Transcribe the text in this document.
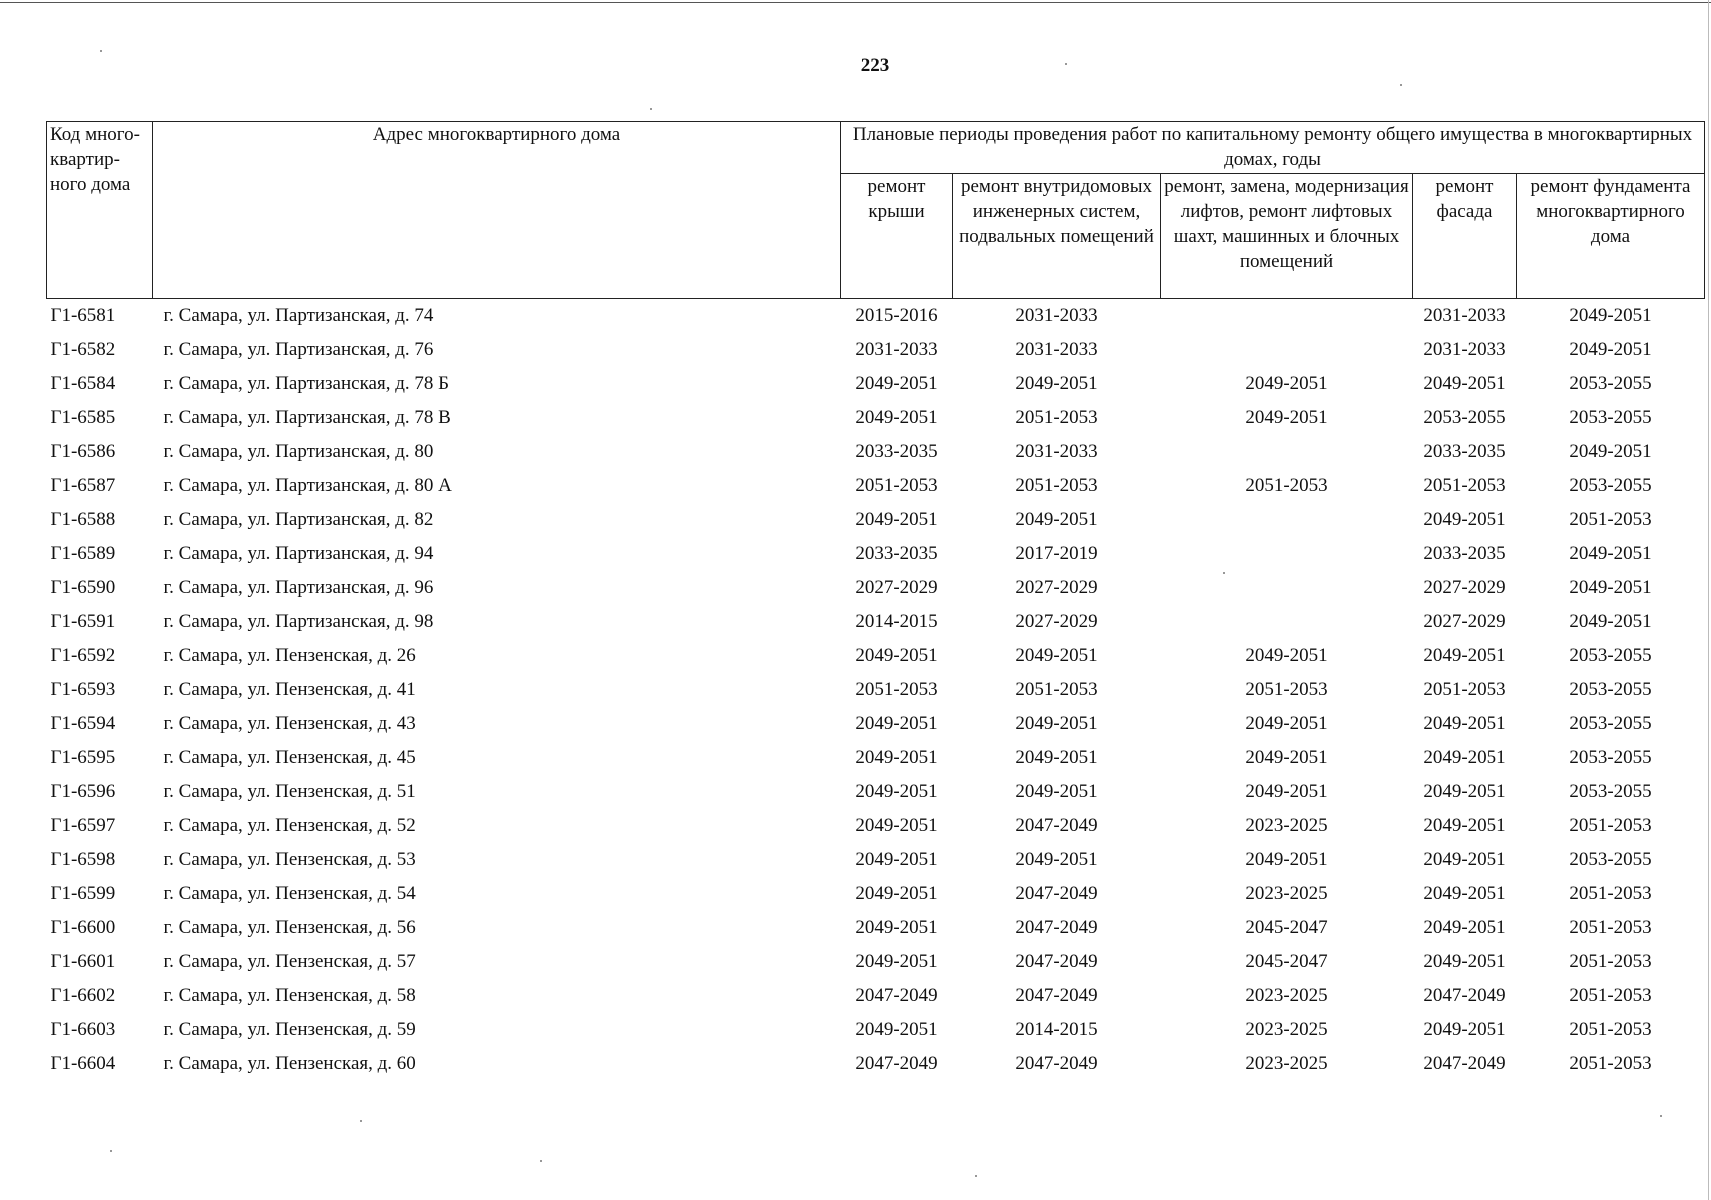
223
Код много-квартир-ного дома	Адрес многоквартирного дома	Плановые периоды проведения работ по капитальному ремонту общего имущества в многоквартирных домах, годы				
		ремонт крыши	ремонт внутридомовых инженерных систем, подвальных помещений	ремонт, замена, модернизация лифтов, ремонт лифтовых шахт, машинных и блочных помещений	ремонт фасада	ремонт фундамента многоквартирного дома
Г1-6581	г. Самара, ул. Партизанская, д. 74	2015-2016	2031-2033		2031-2033	2049-2051
Г1-6582	г. Самара, ул. Партизанская, д. 76	2031-2033	2031-2033		2031-2033	2049-2051
Г1-6584	г. Самара, ул. Партизанская, д. 78 Б	2049-2051	2049-2051	2049-2051	2049-2051	2053-2055
Г1-6585	г. Самара, ул. Партизанская, д. 78 В	2049-2051	2051-2053	2049-2051	2053-2055	2053-2055
Г1-6586	г. Самара, ул. Партизанская, д. 80	2033-2035	2031-2033		2033-2035	2049-2051
Г1-6587	г. Самара, ул. Партизанская, д. 80 А	2051-2053	2051-2053	2051-2053	2051-2053	2053-2055
Г1-6588	г. Самара, ул. Партизанская, д. 82	2049-2051	2049-2051		2049-2051	2051-2053
Г1-6589	г. Самара, ул. Партизанская, д. 94	2033-2035	2017-2019		2033-2035	2049-2051
Г1-6590	г. Самара, ул. Партизанская, д. 96	2027-2029	2027-2029		2027-2029	2049-2051
Г1-6591	г. Самара, ул. Партизанская, д. 98	2014-2015	2027-2029		2027-2029	2049-2051
Г1-6592	г. Самара, ул. Пензенская, д. 26	2049-2051	2049-2051	2049-2051	2049-2051	2053-2055
Г1-6593	г. Самара, ул. Пензенская, д. 41	2051-2053	2051-2053	2051-2053	2051-2053	2053-2055
Г1-6594	г. Самара, ул. Пензенская, д. 43	2049-2051	2049-2051	2049-2051	2049-2051	2053-2055
Г1-6595	г. Самара, ул. Пензенская, д. 45	2049-2051	2049-2051	2049-2051	2049-2051	2053-2055
Г1-6596	г. Самара, ул. Пензенская, д. 51	2049-2051	2049-2051	2049-2051	2049-2051	2053-2055
Г1-6597	г. Самара, ул. Пензенская, д. 52	2049-2051	2047-2049	2023-2025	2049-2051	2051-2053
Г1-6598	г. Самара, ул. Пензенская, д. 53	2049-2051	2049-2051	2049-2051	2049-2051	2053-2055
Г1-6599	г. Самара, ул. Пензенская, д. 54	2049-2051	2047-2049	2023-2025	2049-2051	2051-2053
Г1-6600	г. Самара, ул. Пензенская, д. 56	2049-2051	2047-2049	2045-2047	2049-2051	2051-2053
Г1-6601	г. Самара, ул. Пензенская, д. 57	2049-2051	2047-2049	2045-2047	2049-2051	2051-2053
Г1-6602	г. Самара, ул. Пензенская, д. 58	2047-2049	2047-2049	2023-2025	2047-2049	2051-2053
Г1-6603	г. Самара, ул. Пензенская, д. 59	2049-2051	2014-2015	2023-2025	2049-2051	2051-2053
Г1-6604	г. Самара, ул. Пензенская, д. 60	2047-2049	2047-2049	2023-2025	2047-2049	2051-2053
